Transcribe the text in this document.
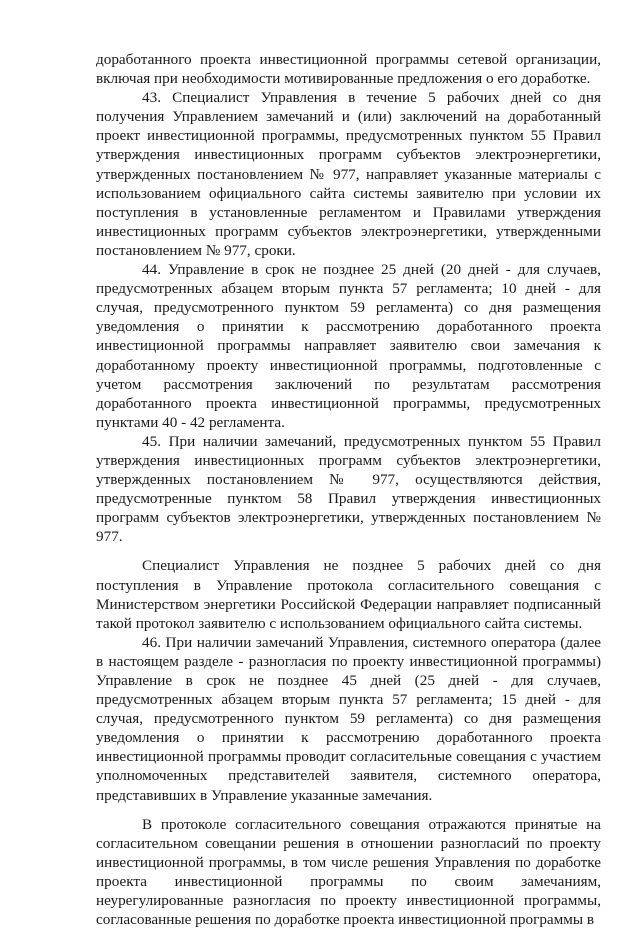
доработанного проекта инвестиционной программы сетевой организации, включая при необходимости мотивированные предложения о его доработке.

43. Специалист Управления в течение 5 рабочих дней со дня получения Управлением замечаний и (или) заключений на доработанный проект инвестиционной программы, предусмотренных пунктом 55 Правил утверждения инвестиционных программ субъектов электроэнергетики, утвержденных постановлением № 977, направляет указанные материалы с использованием официального сайта системы заявителю при условии их поступления в установленные регламентом и Правилами утверждения инвестиционных программ субъектов электроэнергетики, утвержденными постановлением № 977, сроки.

44. Управление в срок не позднее 25 дней (20 дней - для случаев, предусмотренных абзацем вторым пункта 57 регламента; 10 дней - для случая, предусмотренного пунктом 59 регламента) со дня размещения уведомления о принятии к рассмотрению доработанного проекта инвестиционной программы направляет заявителю свои замечания к доработанному проекту инвестиционной программы, подготовленные с учетом рассмотрения заключений по результатам рассмотрения доработанного проекта инвестиционной программы, предусмотренных пунктами 40 - 42 регламента.

45. При наличии замечаний, предусмотренных пунктом 55 Правил утверждения инвестиционных программ субъектов электроэнергетики, утвержденных постановлением № 977, осуществляются действия, предусмотренные пунктом 58 Правил утверждения инвестиционных программ субъектов электроэнергетики, утвержденных постановлением № 977.

Специалист Управления не позднее 5 рабочих дней со дня поступления в Управление протокола согласительного совещания с Министерством энергетики Российской Федерации направляет подписанный такой протокол заявителю с использованием официального сайта системы.

46. При наличии замечаний Управления, системного оператора (далее в настоящем разделе - разногласия по проекту инвестиционной программы) Управление в срок не позднее 45 дней (25 дней - для случаев, предусмотренных абзацем вторым пункта 57 регламента; 15 дней - для случая, предусмотренного пунктом 59 регламента) со дня размещения уведомления о принятии к рассмотрению доработанного проекта инвестиционной программы проводит согласительные совещания с участием уполномоченных представителей заявителя, системного оператора, представивших в Управление указанные замечания.

В протоколе согласительного совещания отражаются принятые на согласительном совещании решения в отношении разногласий по проекту инвестиционной программы, в том числе решения Управления по доработке проекта инвестиционной программы по своим замечаниям, неурегулированные разногласия по проекту инвестиционной программы, согласованные решения по доработке проекта инвестиционной программы в
